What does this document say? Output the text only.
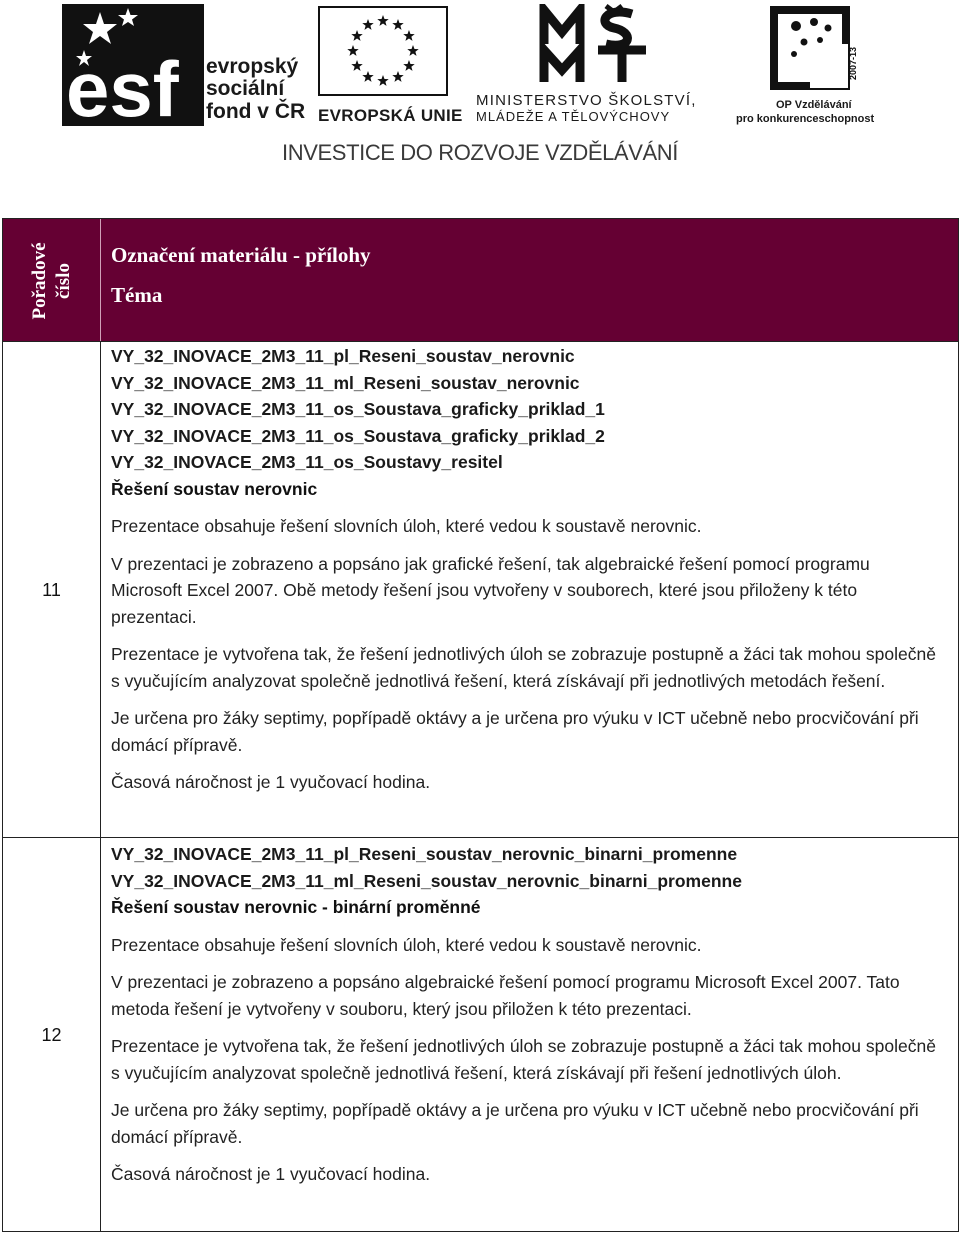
esf evropský
sociální
fond v ČR EVROPSKÁ UNIE
MINISTERSTVO ŠKOLSTVÍ,
MLÁDEŽE A TĚLOVÝCHOVY
2007-13
OP Vzdělávání
pro konkurenceschopnost
INVESTICE DO ROZVOJE VZDĚLÁVÁNÍ
Pořadové číslo
Označení materiálu - přílohy
Téma
11

VY_32_INOVACE_2M3_11_pl_Reseni_soustav_nerovnic
VY_32_INOVACE_2M3_11_ml_Reseni_soustav_nerovnic
VY_32_INOVACE_2M3_11_os_Soustava_graficky_priklad_1
VY_32_INOVACE_2M3_11_os_Soustava_graficky_priklad_2
VY_32_INOVACE_2M3_11_os_Soustavy_resitel
Řešení soustav nerovnic

Prezentace obsahuje řešení slovních úloh, které vedou k soustavě nerovnic.

V prezentaci je zobrazeno a popsáno jak grafické řešení, tak algebraické řešení pomocí programu Microsoft Excel 2007. Obě metody řešení jsou vytvořeny v souborech, které jsou přiloženy k této prezentaci.

Prezentace je vytvořena tak, že řešení jednotlivých úloh se zobrazuje postupně a žáci tak mohou společně s vyučujícím analyzovat společně jednotlivá řešení, která získávají při jednotlivých metodách řešení.

Je určena pro žáky septimy, popřípadě oktávy a je určena pro výuku v ICT učebně nebo procvičování při domácí přípravě.

Časová náročnost je 1 vyučovací hodina.

12

VY_32_INOVACE_2M3_11_pl_Reseni_soustav_nerovnic_binarni_promenne
VY_32_INOVACE_2M3_11_ml_Reseni_soustav_nerovnic_binarni_promenne
Řešení soustav nerovnic - binární proměnné

Prezentace obsahuje řešení slovních úloh, které vedou k soustavě nerovnic.

V prezentaci je zobrazeno a popsáno algebraické řešení pomocí programu Microsoft Excel 2007. Tato metoda řešení je vytvořeny v souboru, který jsou přiložen k této prezentaci.

Prezentace je vytvořena tak, že řešení jednotlivých úloh se zobrazuje postupně a žáci tak mohou společně s vyučujícím analyzovat společně jednotlivá řešení, která získávají při řešení jednotlivých úloh.

Je určena pro žáky septimy, popřípadě oktávy a je určena pro výuku v ICT učebně nebo procvičování při domácí přípravě.

Časová náročnost je 1 vyučovací hodina.
